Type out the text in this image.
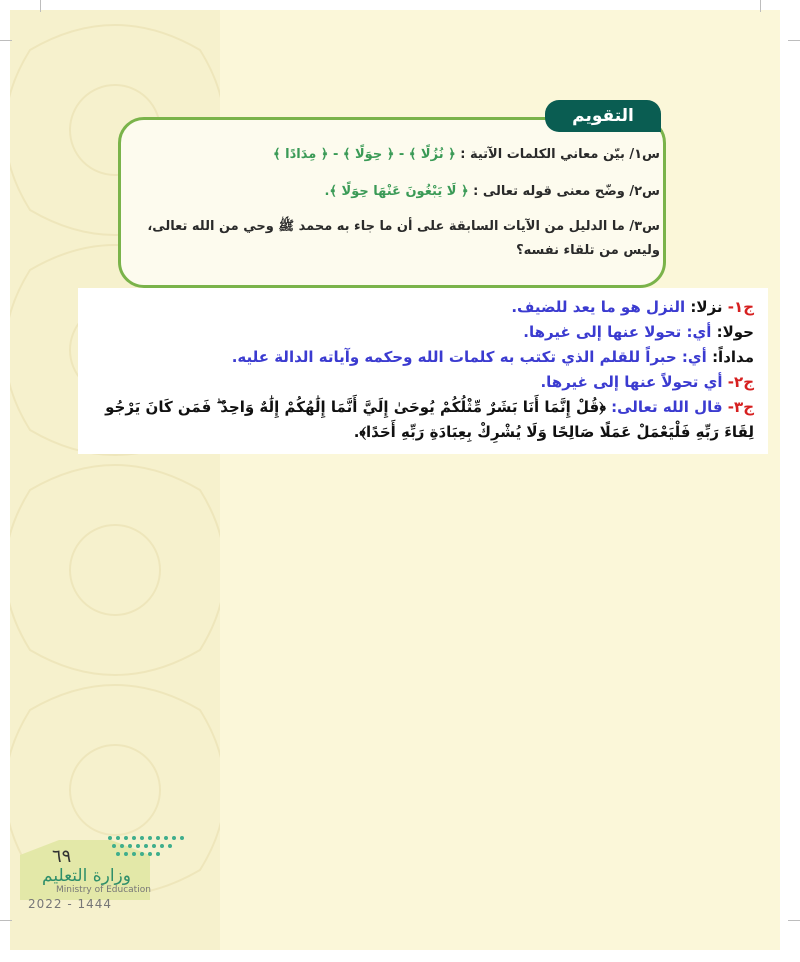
التقويم
س١/ بيّن معاني الكلمات الآتية : ﴿ نُزُلًا ﴾ - ﴿ حِوَلًا ﴾ - ﴿ مِدَادًا ﴾
س٢/ وضّح معنى قوله تعالى : ﴿ لَا يَبْغُونَ عَنْهَا حِوَلًا ﴾.
س٣/ ما الدليل من الآيات السابقة على أن ما جاء به محمد ﷺ وحي من الله تعالى، وليس من تلقاء نفسه؟

ج١- نزلا: النزل هو ما يعد للضيف.

حولا: أي: تحولا عنها إلى غيرها.

مداداً: أي: حبراً للقلم الذي تكتب به كلمات الله وحكمه وآياته الدالة عليه.

ج٢- أي تحولاً عنها إلى غيرها.

ج٣- قال الله تعالى: ﴿قُلْ إِنَّمَا أَنَا بَشَرٌ مِّثْلُكُمْ يُوحَىٰ إِلَيَّ أَنَّمَا إِلَٰهُكُمْ إِلَٰهٌ وَاحِدٌ ۖ فَمَن كَانَ يَرْجُو لِقَاءَ رَبِّهِ فَلْيَعْمَلْ عَمَلًا صَالِحًا وَلَا يُشْرِكْ بِعِبَادَةِ رَبِّهِ أَحَدًا﴾.

٦٩
وزارة التعليم
Ministry of Education
2022 - 1444
